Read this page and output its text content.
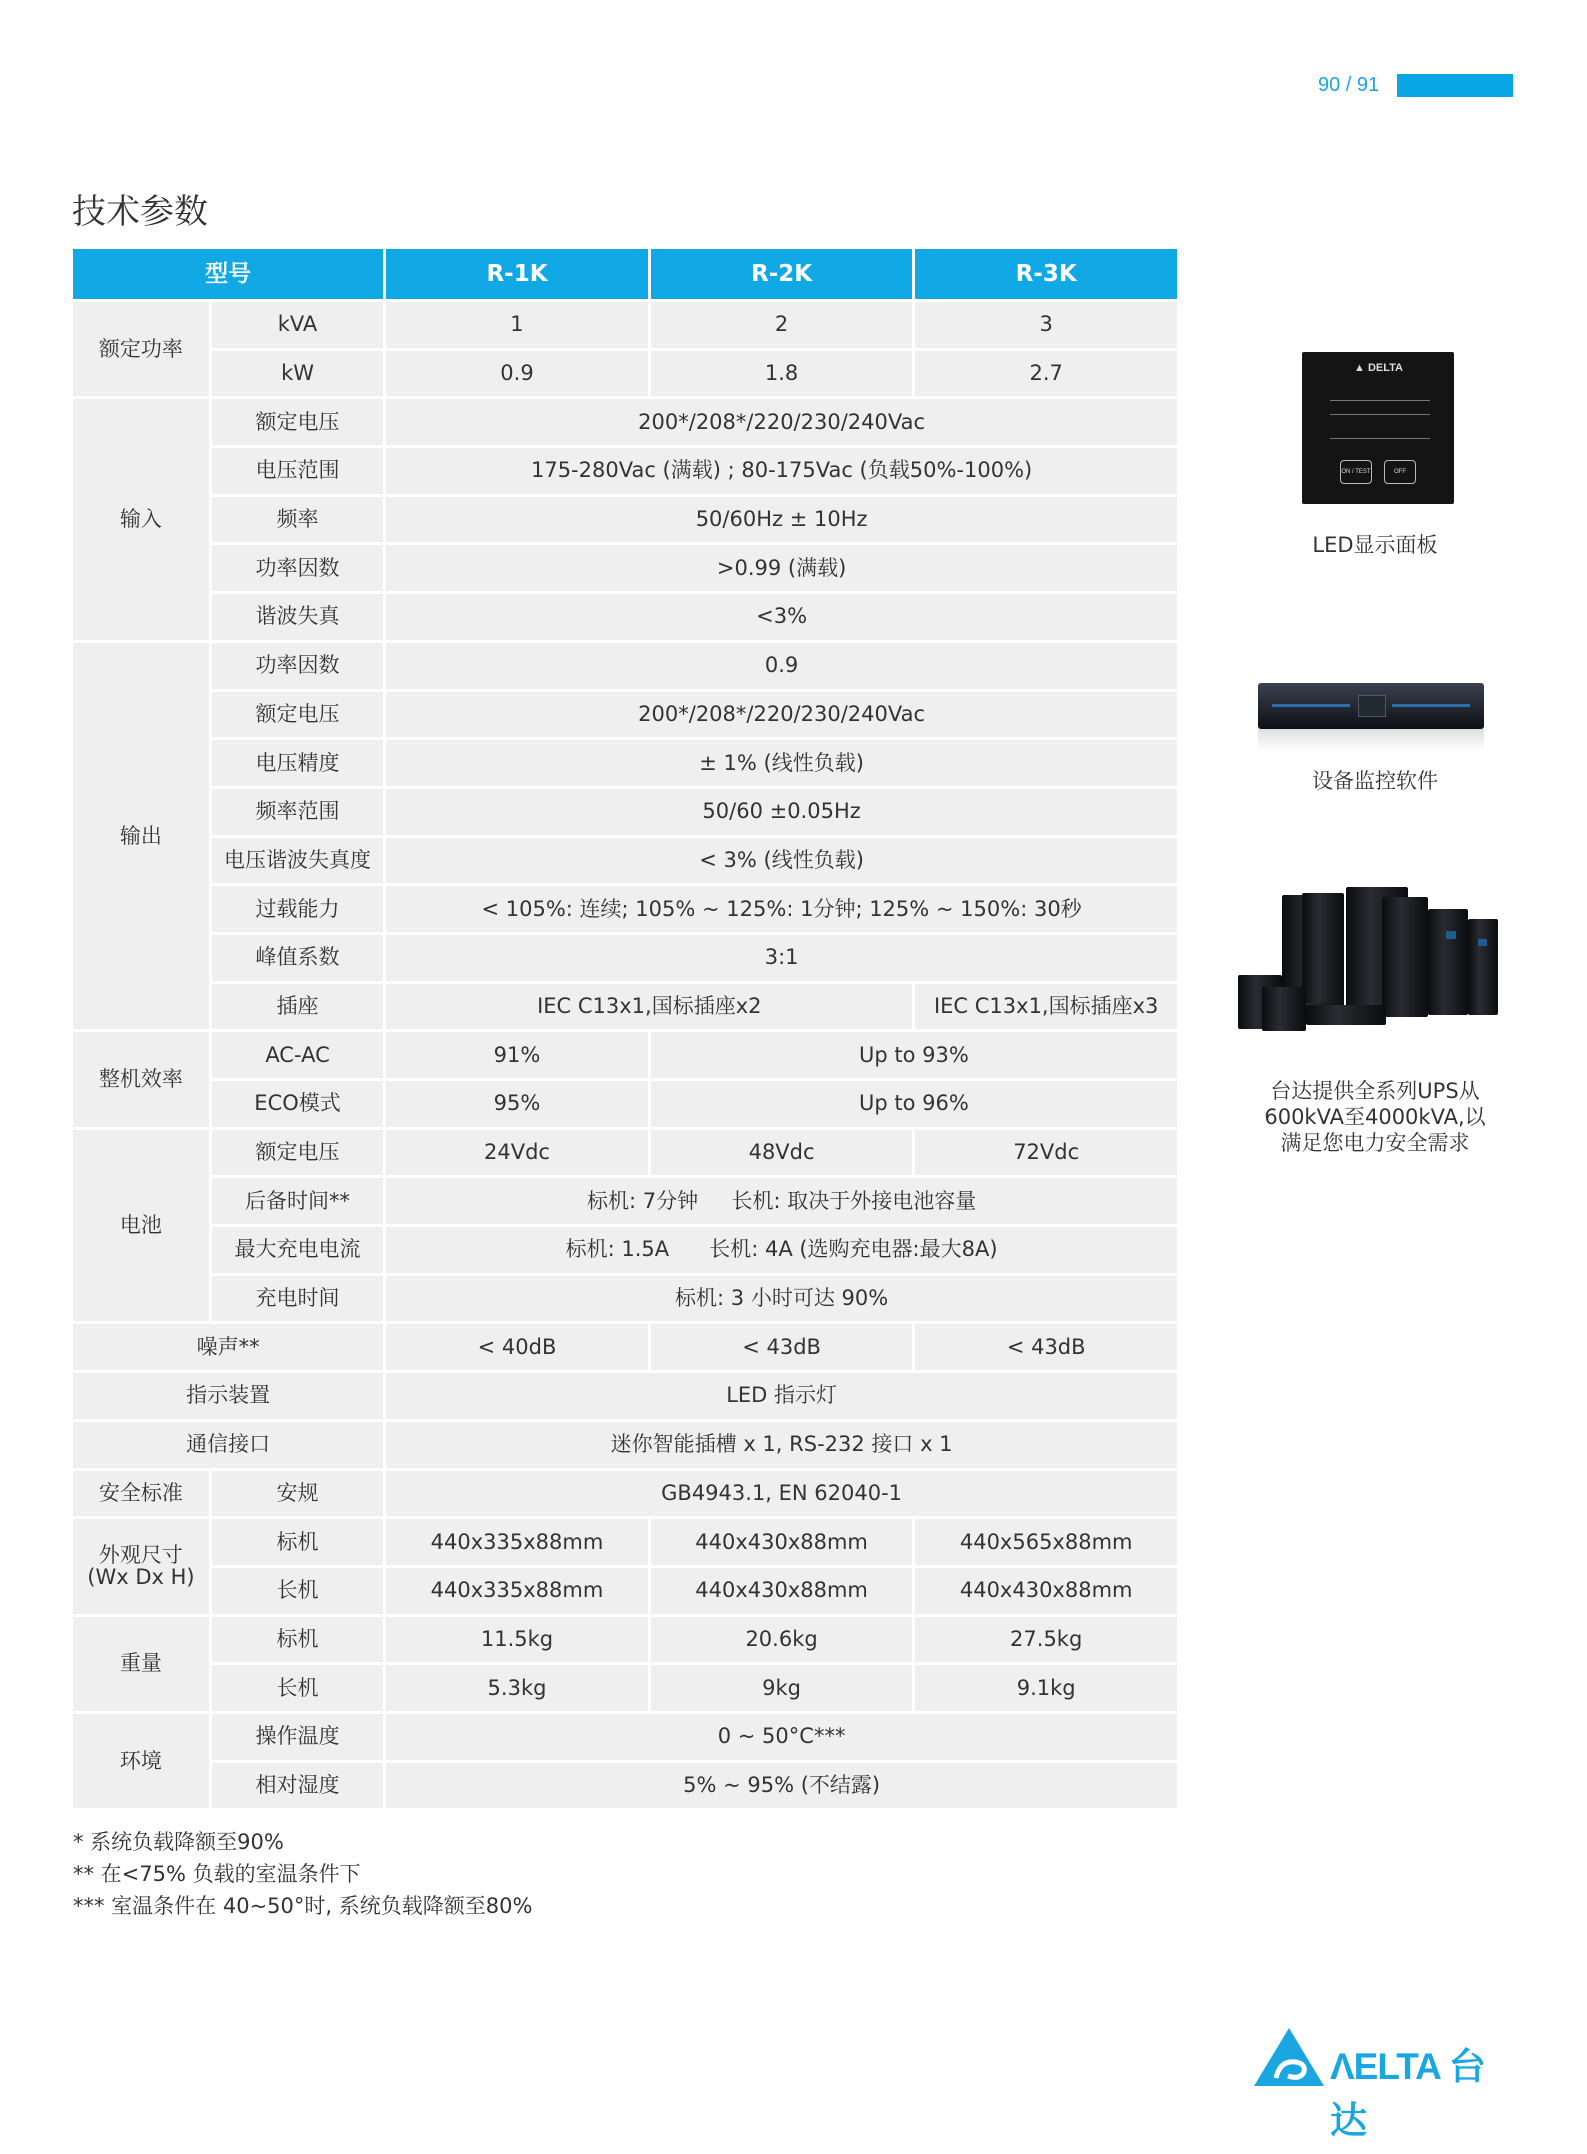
90 / 91
技术参数
型号		R-1K	R-2K	R-3K
额定功率	kVA	1	2	3
	kW	0.9	1.8	2.7
输入	额定电压	200*/208*/220/230/240Vac		
	电压范围	175-280Vac (满载) ; 80-175Vac (负载50%-100%)		
	频率	50/60Hz ± 10Hz		
	功率因数	>0.99 (满载)		
	谐波失真	<3%		
输出	功率因数	0.9		
	额定电压	200*/208*/220/230/240Vac		
	电压精度	± 1% (线性负载)		
	频率范围	50/60 ±0.05Hz		
	电压谐波失真度	< 3% (线性负载)		
	过载能力	< 105%: 连续; 105% ~ 125%: 1分钟; 125% ~ 150%: 30秒		
	峰值系数	3:1		
	插座	IEC C13x1,国标插座x2		IEC C13x1,国标插座x3
整机效率	AC-AC	91%	Up to 93%	
	ECO模式	95%	Up to 96%	
电池	额定电压	24Vdc	48Vdc	72Vdc
	后备时间**	标机: 7分钟     长机: 取决于外接电池容量		
	最大充电电流	标机: 1.5A      长机: 4A (选购充电器:最大8A)		
	充电时间	标机: 3 小时可达 90%		
噪声**		< 40dB	< 43dB	< 43dB
指示装置		LED 指示灯		
通信接口		迷你智能插槽 x 1, RS-232 接口 x 1		
安全标准	安规	GB4943.1, EN 62040-1		
外观尺寸
(Wx Dx H)	标机	440x335x88mm	440x430x88mm	440x565x88mm
	长机	440x335x88mm	440x430x88mm	440x430x88mm
重量	标机	11.5kg	20.6kg	27.5kg
	长机	5.3kg	9kg	9.1kg
环境	操作温度	0 ~ 50°C***		
	相对湿度	5% ~ 95% (不结露)		
* 系统负载降额至90%
** 在<75% 负载的室温条件下
*** 室温条件在 40~50°时, 系统负载降额至80%
▲ DELTA
ON / TEST	OFF
LED显示面板
设备监控软件
台达提供全系列UPS从
600kVA至4000kVA,以
满足您电力安全需求
ΛELTA 台达
